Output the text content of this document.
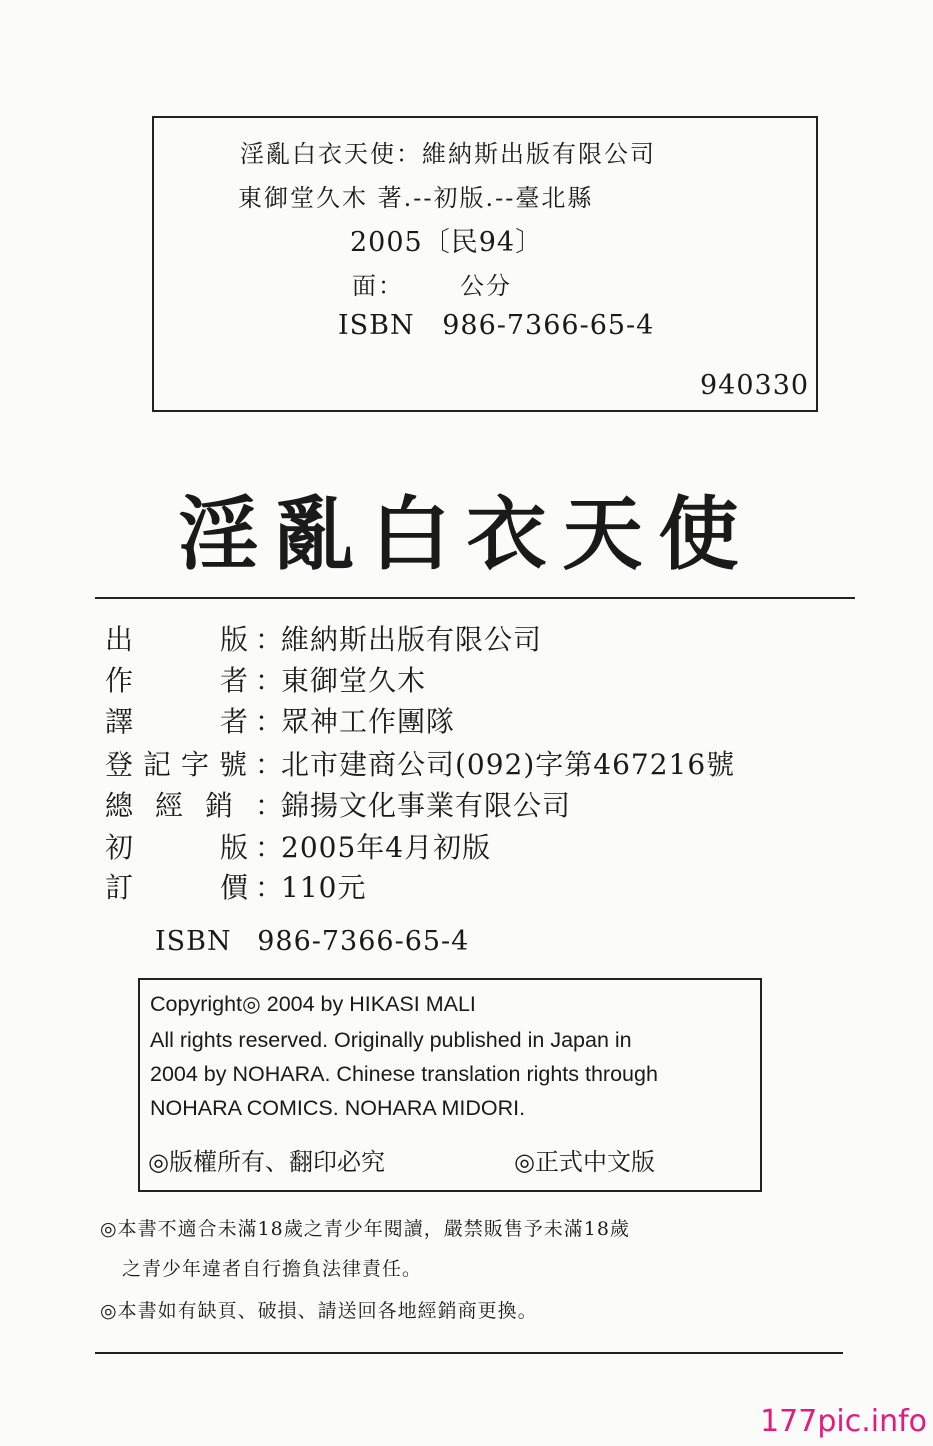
淫亂白衣天使：維納斯出版有限公司
東御堂久木 著.--初版.--臺北縣
2005〔民94〕
面： 公分
ISBN 986-7366-65-4
940330
淫亂白衣天使
出	版 ：
維納斯出版有限公司
作	者 ：
東御堂久木
譯	者 ：
眾神工作團隊
登 記 字 號 ：
北市建商公司(092)字第467216號
總 經 銷 ：
錦揚文化事業有限公司
初	版 ：
2005年4月初版
訂	價 ：
110元
ISBN 986-7366-65-4
Copyright◎ 2004 by HIKASI MALI
All rights reserved. Originally published in Japan in
2004 by NOHARA. Chinese translation rights through
NOHARA COMICS. NOHARA MIDORI.
◎版權所有、翻印必究	◎正式中文版
◎本書不適合未滿18歲之青少年閱讀，嚴禁販售予未滿18歲
之青少年違者自行擔負法律責任。
◎本書如有缺頁、破損、請送回各地經銷商更換。
177pic.info
